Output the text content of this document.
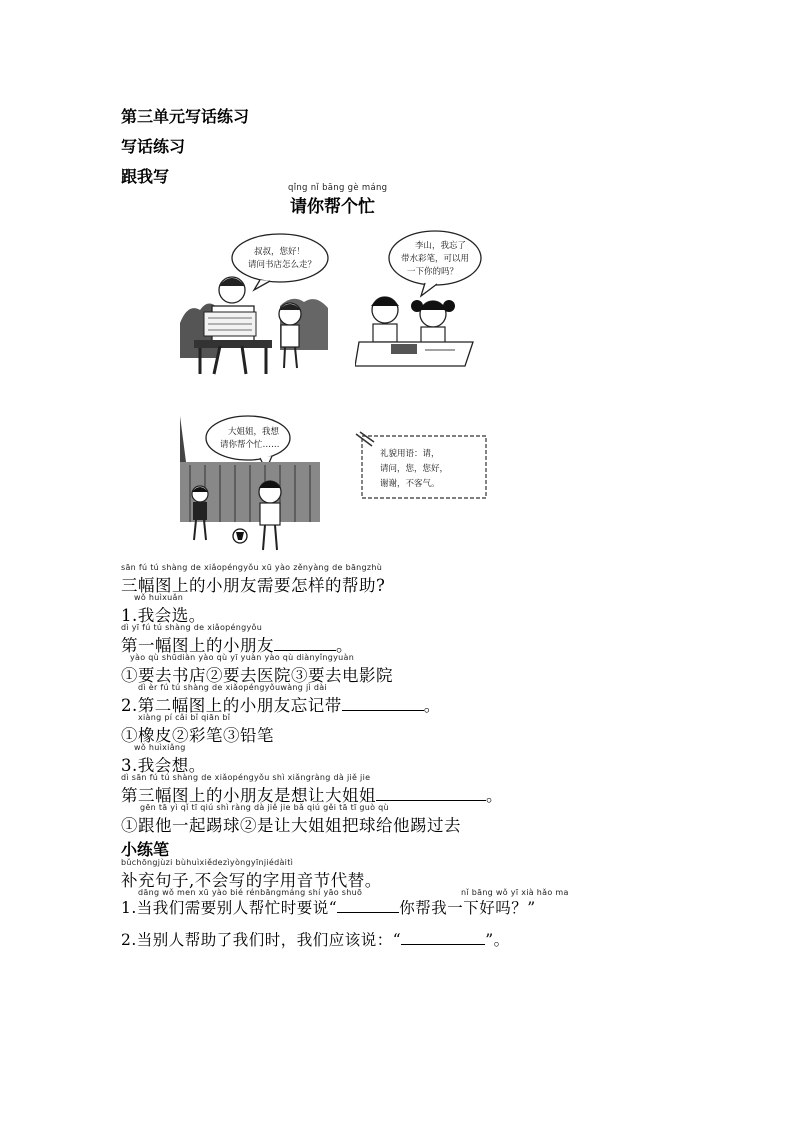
第三单元写话练习
写话练习
跟我写
qǐng nǐ bāng gè máng
请你帮个忙
叔叔，您好！
请问书店怎么走？
李山，我忘了
带水彩笔，可以用
一下你的吗？
大姐姐，我想
请你帮个忙……
礼貌用语：请，
请问，您，您好，
谢谢，不客气。
sān fú tú shàng de xiǎopéngyǒu xū yào zěnyàng de bāngzhù
三幅图上的小朋友需要怎样的帮助?
wǒ huìxuǎn
1.我会选。
dì yī fú tú shàng de xiǎopéngyǒu
第一幅图上的小朋友	。
yào qù shūdiàn yào qù yī yuàn yào qù diànyǐngyuàn
①要去书店②要去医院③要去电影院
dì èr fú tú shàng de xiǎopéngyǒuwàng jì dài
2.第二幅图上的小朋友忘记带	。
xiàng pí cǎi bǐ qiān bǐ
①橡皮②彩笔③铅笔
wǒ huìxiǎng
3.我会想。
dì sān fú tú shàng de xiǎopéngyǒu shì xiǎngràng dà jiě jie
第三幅图上的小朋友是想让大姐姐	。
gēn tā yì qǐ tī qiú shì ràng dà jiě jie bǎ qiú gěi tā tī guò qù
①跟他一起踢球②是让大姐姐把球给他踢过去
小练笔
bǔchōngjùzi bùhuìxiědezìyòngyīnjiédàitì
补充句子,不会写的字用音节代替。
dāng wǒ men xū yào bié rénbāngmáng shí yāo shuō	nǐ bāng wǒ yī xià hǎo ma
1.当我们需要别人帮忙时要说“	你帮我一下好吗？”
2.当别人帮助了我们时，我们应该说：“	”。
